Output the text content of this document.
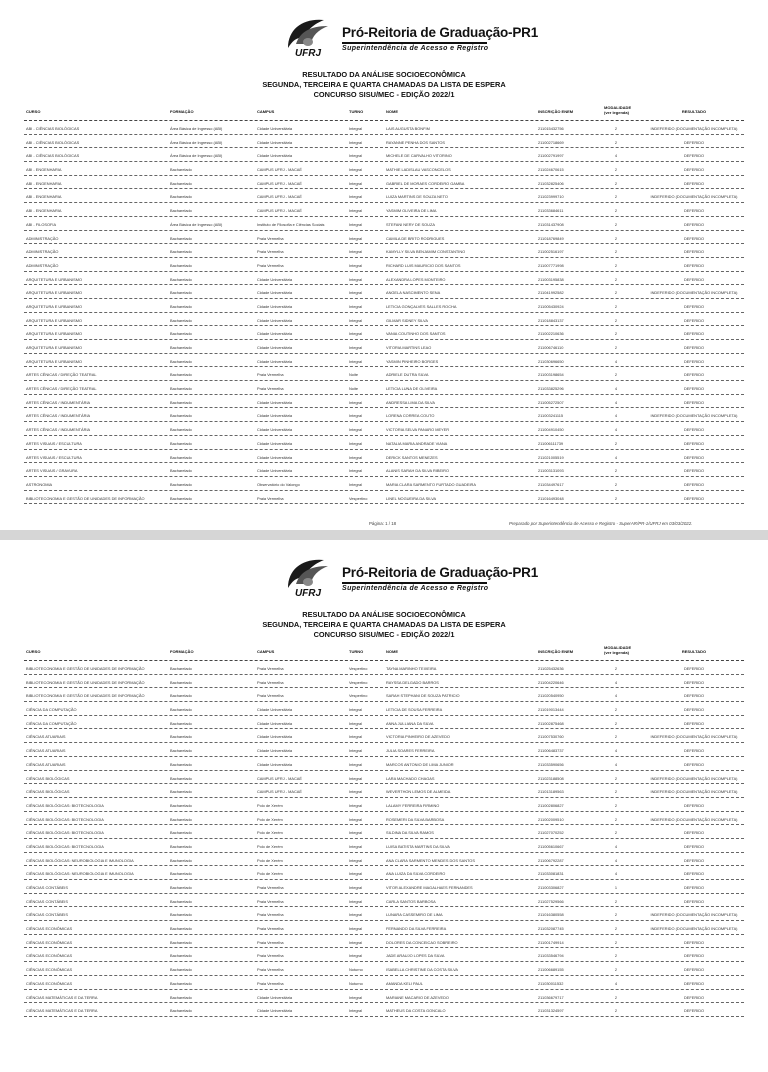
UFRJ
Pró-Reitoria de Graduação-PR1
Superintendência de Acesso e Registro
RESULTADO DA ANÁLISE SOCIOECONÔMICA
SEGUNDA, TERCEIRA E QUARTA CHAMADAS DA LISTA DE ESPERA
CONCURSO SISU/MEC - EDIÇÃO 2022/1
CURSO	FORMAÇÃO	CAMPUS	TURNO	NOME	INSCRIÇÃO ENEM
MODALIDADE
(ver legenda)	RESULTADO
ABI - CIÊNCIAS BIOLÓGICAS	Área Básica de Ingresso (ABI)	Cidade Universitária	Integral	LAIS AUGUSTA BONFIM	211015432756	2	INDEFERIDO (DOCUMENTAÇÃO INCOMPLETA)
ABI - CIÊNCIAS BIOLÓGICAS	Área Básica de Ingresso (ABI)	Cidade Universitária	Integral	RAYANNE PENHA DOS SANTOS	211002718669	2	DEFERIDO
ABI - CIÊNCIAS BIOLÓGICAS	Área Básica de Ingresso (ABI)	Cidade Universitária	Integral	MICHELE DE CARVALHO VITORINO	211002791997	4	DEFERIDO
ABI - ENGENHARIA	Bacharelado	CAMPUS UFRJ - MACAÉ	Integral	MATHIE LADISLAU VASCONCELOS	211024670615	2	DEFERIDO
ABI - ENGENHARIA	Bacharelado	CAMPUS UFRJ - MACAÉ	Integral	GABRIEL DE MORAES CORDEIRO GAMBA	211032825406	2	DEFERIDO
ABI - ENGENHARIA	Bacharelado	CAMPUS UFRJ - MACAÉ	Integral	LUIZA MARTINS DE SOUZA NETO	211023999710	2	INDEFERIDO (DOCUMENTAÇÃO INCOMPLETA)
ABI - ENGENHARIA	Bacharelado	CAMPUS UFRJ - MACAÉ	Integral	YASMIM OLIVEIRA DE LIMA	211033684611	2	DEFERIDO
ABI - FILOSOFIA	Área Básica de Ingresso (ABI)	Instituto de Filosofia e Ciências Sociais	Integral	STEFANI NERY DE SOUZA	211031437908	2	DEFERIDO
ADMINISTRAÇÃO	Bacharelado	Praia Vermelha	Integral	CAMILA DE BRITO RODRIGUES	211018769849	2	DEFERIDO
ADMINISTRAÇÃO	Bacharelado	Praia Vermelha	Integral	KAMYLLY SILVA BENJAMIM CONSTANTINO	211002516197	2	DEFERIDO
ADMINISTRAÇÃO	Bacharelado	Praia Vermelha	Integral	RICHARD LUIS MAURICIO DOS SANTOS	211007771998	2	DEFERIDO
ARQUITETURA E URBANISMO	Bacharelado	Cidade Universitária	Integral	ALEXANDRA LOPES MONTEIRO	211003195838	2	DEFERIDO
ARQUITETURA E URBANISMO	Bacharelado	Cidade Universitária	Integral	ANGELA NASCIMENTO SENA	211041992582	2	INDEFERIDO (DOCUMENTAÇÃO INCOMPLETA)
ARQUITETURA E URBANISMO	Bacharelado	Cidade Universitária	Integral	LETICIA GONÇALVES SALLES ROCHA	211005430924	2	DEFERIDO
ARQUITETURA E URBANISMO	Bacharelado	Cidade Universitária	Integral	GILMAR SIDNEY SILVA	211018843137	2	DEFERIDO
ARQUITETURA E URBANISMO	Bacharelado	Cidade Universitária	Integral	VANIA COUTINHO DOS SANTOS	211002210636	2	DEFERIDO
ARQUITETURA E URBANISMO	Bacharelado	Cidade Universitária	Integral	VITORIA MARTINS LEAO	211006746110	2	DEFERIDO
ARQUITETURA E URBANISMO	Bacharelado	Cidade Universitária	Integral	YASMIN PINHEIRO BORGES	211030696650	4	DEFERIDO
ARTES CÊNICAS / DIREÇÃO TEATRAL	Bacharelado	Praia Vermelha	Noite	ADRIELE DUTRA SILVA	211003198654	2	DEFERIDO
ARTES CÊNICAS / DIREÇÃO TEATRAL	Bacharelado	Praia Vermelha	Noite	LETICIA LUNA DE OLIVEIRA	211033825296	4	DEFERIDO
ARTES CÊNICAS / INDUMENTÁRIA	Bacharelado	Cidade Universitária	Integral	ANDRESSA LIMA DA SILVA	211005272507	4	DEFERIDO
ARTES CÊNICAS / INDUMENTÁRIA	Bacharelado	Cidade Universitária	Integral	LORENA CORREA COUTO	211003241115	4	INDEFERIDO (DOCUMENTAÇÃO INCOMPLETA)
ARTES CÊNICAS / INDUMENTÁRIA	Bacharelado	Cidade Universitária	Integral	VICTORIA SELVA PANARO MEYER	211004910450	4	DEFERIDO
ARTES VISUAIS / ESCULTURA	Bacharelado	Cidade Universitária	Integral	NATALIA MARIA ANDRADE VIANA	211006111739	2	DEFERIDO
ARTES VISUAIS / ESCULTURA	Bacharelado	Cidade Universitária	Integral	DERICK SANTOS MENEZES	211021005519	4	DEFERIDO
ARTES VISUAIS / GRAVURA	Bacharelado	Cidade Universitária	Integral	ALANIS SARAH DA SILVA RIBEIRO	211003131093	2	DEFERIDO
ASTRONOMIA	Bacharelado	Observatório do Valongo	Integral	MARIA CLARA SARMENTO FURTADO GUADEIRA	211034497617	2	DEFERIDO
BIBLIOTECONOMIA E GESTÃO DE UNIDADES DE INFORMAÇÃO	Bacharelado	Praia Vermelha	Vespertino	LINEL NOGUEIRA DA SILVA	211016493048	2	DEFERIDO
Página: 1 / 18	Preparado por Superintendência de Acesso e Registro - SuperAR/PR-1/UFRJ em 03/03/2022.
UFRJ
Pró-Reitoria de Graduação-PR1
Superintendência de Acesso e Registro
RESULTADO DA ANÁLISE SOCIOECONÔMICA
SEGUNDA, TERCEIRA E QUARTA CHAMADAS DA LISTA DE ESPERA
CONCURSO SISU/MEC - EDIÇÃO 2022/1
CURSO	FORMAÇÃO	CAMPUS	TURNO	NOME	INSCRIÇÃO ENEM
MODALIDADE
(ver legenda)	RESULTADO
BIBLIOTECONOMIA E GESTÃO DE UNIDADES DE INFORMAÇÃO	Bacharelado	Praia Vermelha	Vespertino	TAYNA MARINHO TEIXEIRA	211025432636	2	DEFERIDO
BIBLIOTECONOMIA E GESTÃO DE UNIDADES DE INFORMAÇÃO	Bacharelado	Praia Vermelha	Vespertino	RAYSSA DELGADO BARROS	211004220646	4	DEFERIDO
BIBLIOTECONOMIA E GESTÃO DE UNIDADES DE INFORMAÇÃO	Bacharelado	Praia Vermelha	Vespertino	SARAH STEPHANI DE SOUZA PATRICIO	211020540950	4	DEFERIDO
CIÊNCIA DA COMPUTAÇÃO	Bacharelado	Cidade Universitária	Integral	LETICIA DE SOUSA FERREIRA	211019013444	2	DEFERIDO
CIÊNCIA DA COMPUTAÇÃO	Bacharelado	Cidade Universitária	Integral	ANNA JULLIANA DA SILVA	211002875468	2	DEFERIDO
CIÊNCIAS ATUARIAIS	Bacharelado	Cidade Universitária	Integral	VICTORIA PINHEIRO DE AZEVEDO	211007530760	2	INDEFERIDO (DOCUMENTAÇÃO INCOMPLETA)
CIÊNCIAS ATUARIAIS	Bacharelado	Cidade Universitária	Integral	JULIA SOARES FERREIRA	211006483737	4	DEFERIDO
CIÊNCIAS ATUARIAIS	Bacharelado	Cidade Universitária	Integral	MARCOS ANTONIO DE LIMA JUNIOR	211033590656	4	DEFERIDO
CIÊNCIAS BIOLÓGICAS	Bacharelado	CAMPUS UFRJ - MACAÉ	Integral	LARA MACHADO CHAGAS	211023188508	2	INDEFERIDO (DOCUMENTAÇÃO INCOMPLETA)
CIÊNCIAS BIOLÓGICAS	Bacharelado	CAMPUS UFRJ - MACAÉ	Integral	WEVERTHON LEMOS DE ALMEIDA	211013189563	2	INDEFERIDO (DOCUMENTAÇÃO INCOMPLETA)
CIÊNCIAS BIOLÓGICAS: BIOTECNOLOGIA	Bacharelado	Polo de Xerém	Integral	LALAMY FERREIRA FIRMINO	211002806827	2	DEFERIDO
CIÊNCIAS BIOLÓGICAS: BIOTECNOLOGIA	Bacharelado	Polo de Xerém	Integral	ROSEMERI DA SILVA BARBOSA	211002009510	2	INDEFERIDO (DOCUMENTAÇÃO INCOMPLETA)
CIÊNCIAS BIOLÓGICAS: BIOTECNOLOGIA	Bacharelado	Polo de Xerém	Integral	SILDINA DA SILVA RAMOS	211027070252	2	DEFERIDO
CIÊNCIAS BIOLÓGICAS: BIOTECNOLOGIA	Bacharelado	Polo de Xerém	Integral	LUISA BATISTA MARTINS DA SILVA	211005610667	4	DEFERIDO
CIÊNCIAS BIOLÓGICAS: NEUROBIOLOGIA E IMUNOLOGIA	Bacharelado	Polo de Xerém	Integral	ANA CLARA SARMENTO MENDES DOS SANTOS	211006792287	4	DEFERIDO
CIÊNCIAS BIOLÓGICAS: NEUROBIOLOGIA E IMUNOLOGIA	Bacharelado	Polo de Xerém	Integral	ANA LUIZA DA SILVA CORDEIRO	211033081831	4	DEFERIDO
CIÊNCIAS CONTÁBEIS	Bacharelado	Praia Vermelha	Integral	VITOR ALEXANDRE MAGALHAES FERNANDES	211003306827	1	DEFERIDO
CIÊNCIAS CONTÁBEIS	Bacharelado	Praia Vermelha	Integral	CARLA SANTOS BARBOSA	211027529566	2	DEFERIDO
CIÊNCIAS CONTÁBEIS	Bacharelado	Praia Vermelha	Integral	LUNARA CASSEMIRO DE LIMA	211016380558	2	INDEFERIDO (DOCUMENTAÇÃO INCOMPLETA)
CIÊNCIAS ECONÔMICAS	Bacharelado	Praia Vermelha	Integral	FERNANDO DA SILVA FERREIRA	211032087745	2	INDEFERIDO (DOCUMENTAÇÃO INCOMPLETA)
CIÊNCIAS ECONÔMICAS	Bacharelado	Praia Vermelha	Integral	DOLORES DA CONCEICAO SOBREIRO	211001749914	2	DEFERIDO
CIÊNCIAS ECONÔMICAS	Bacharelado	Praia Vermelha	Integral	JADE ARAUJO LOPES DA SILVA	211033546794	2	DEFERIDO
CIÊNCIAS ECONÔMICAS	Bacharelado	Praia Vermelha	Noturno	ISABELLA CHRISTINE DA COSTA SILVA	211006689155	2	DEFERIDO
CIÊNCIAS ECONÔMICAS	Bacharelado	Praia Vermelha	Noturno	AMANDA KELI PAUL	211030011532	4	DEFERIDO
CIÊNCIAS MATEMÁTICAS E DA TERRA	Bacharelado	Cidade Universitária	Integral	MARIANE MACARIO DE AZEVEDO	211036679717	2	DEFERIDO
CIÊNCIAS MATEMÁTICAS E DA TERRA	Bacharelado	Cidade Universitária	Integral	MATHEUS DA COSTA GONCALO	211031324597	2	DEFERIDO
